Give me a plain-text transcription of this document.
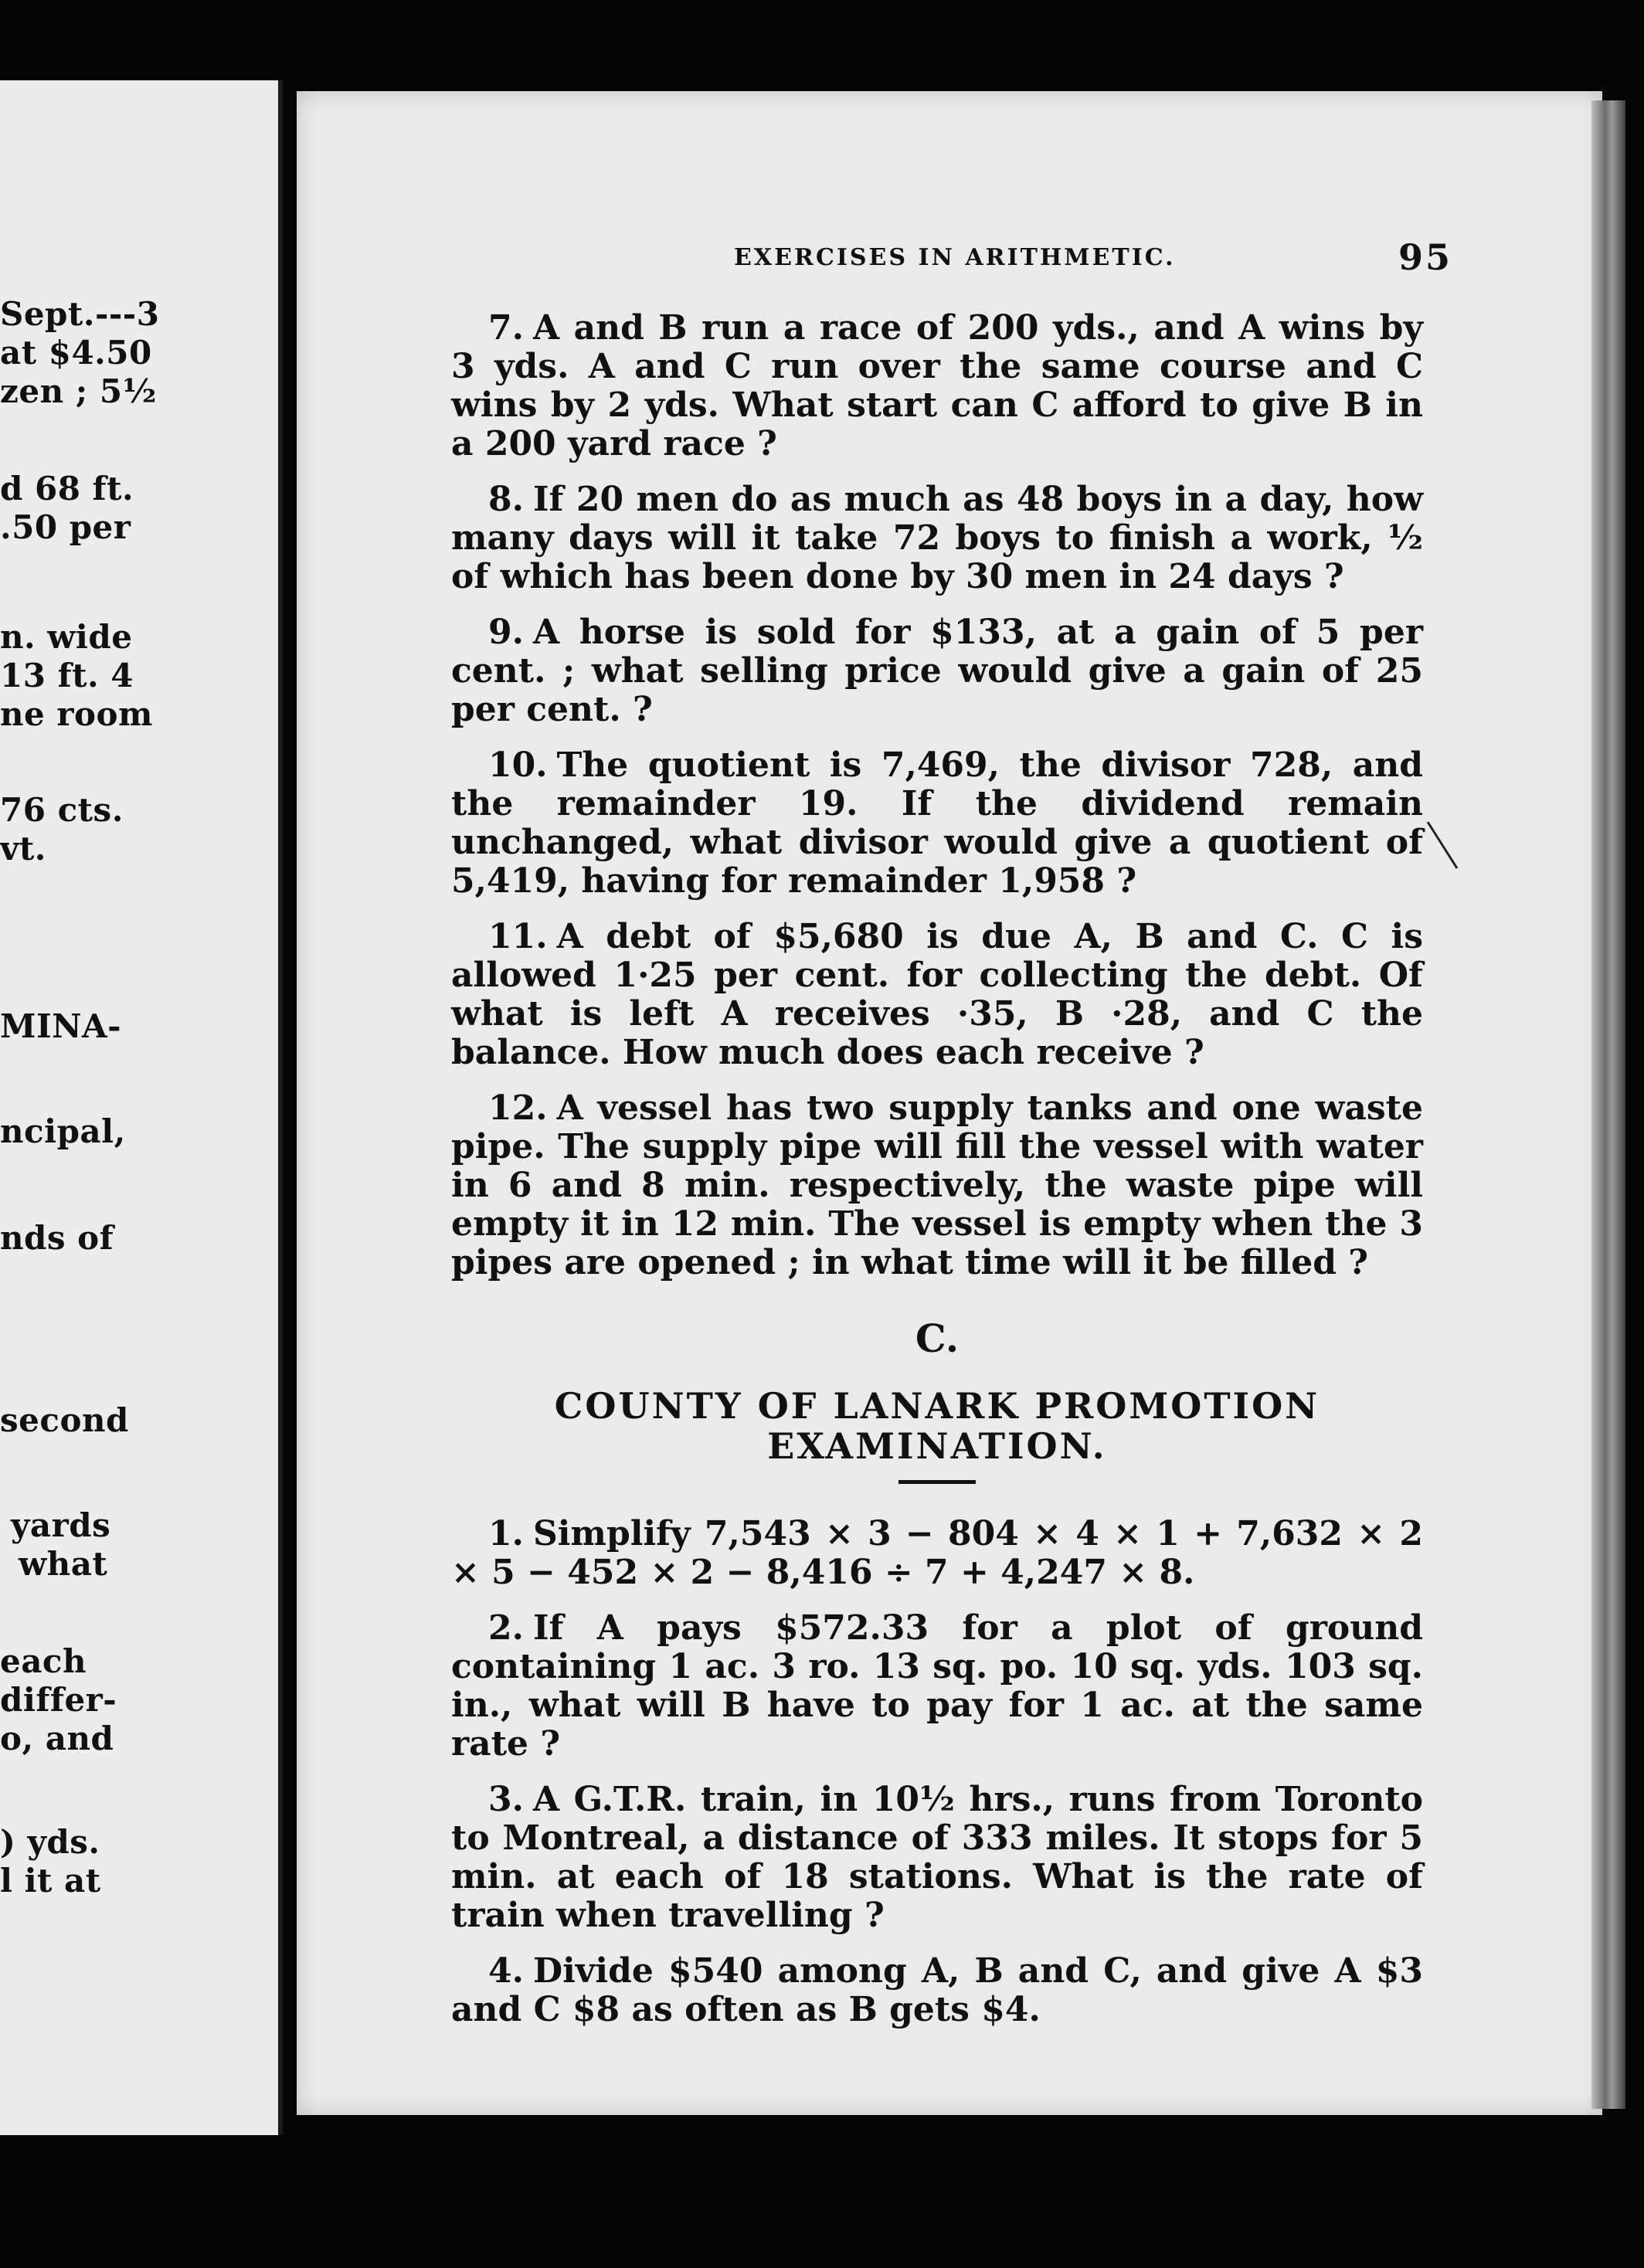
Sept.---3
at $4.50
zen ; 5½
d 68 ft.
.50 per
n. wide
13 ft. 4
ne room
76 cts.
vt.
MINA-
ncipal,
nds of
second
yards
what
each
differ-
o, and
) yds.
l it at
EXERCISES IN ARITHMETIC.	95

7. A and B run a race of 200 yds., and A wins by 3 yds. A and C run over the same course and C wins by 2 yds. What start can C afford to give B in a 200 yard race ?

8. If 20 men do as much as 48 boys in a day, how many days will it take 72 boys to finish a work, ½ of which has been done by 30 men in 24 days ?

9. A horse is sold for $133, at a gain of 5 per cent. ; what selling price would give a gain of 25 per cent. ?

10. The quotient is 7,469, the divisor 728, and the remainder 19. If the dividend remain unchanged, what divisor would give a quotient of 5,419, having for remainder 1,958 ?

11. A debt of $5,680 is due A, B and C. C is allowed 1·25 per cent. for collecting the debt. Of what is left A receives ·35, B ·28, and C the balance. How much does each receive ?

12. A vessel has two supply tanks and one waste pipe. The supply pipe will fill the vessel with water in 6 and 8 min. respectively, the waste pipe will empty it in 12 min. The vessel is empty when the 3 pipes are opened ; in what time will it be filled ?

C.

COUNTY OF LANARK PROMOTION EXAMINATION.

1. Simplify 7,543 × 3 − 804 × 4 × 1 + 7,632 × 2 × 5 − 452 × 2 − 8,416 ÷ 7 + 4,247 × 8.

2. If A pays $572.33 for a plot of ground containing 1 ac. 3 ro. 13 sq. po. 10 sq. yds. 103 sq. in., what will B have to pay for 1 ac. at the same rate ?

3. A G.T.R. train, in 10½ hrs., runs from Toronto to Montreal, a distance of 333 miles. It stops for 5 min. at each of 18 stations. What is the rate of train when travelling ?

4. Divide $540 among A, B and C, and give A $3 and C $8 as often as B gets $4.
